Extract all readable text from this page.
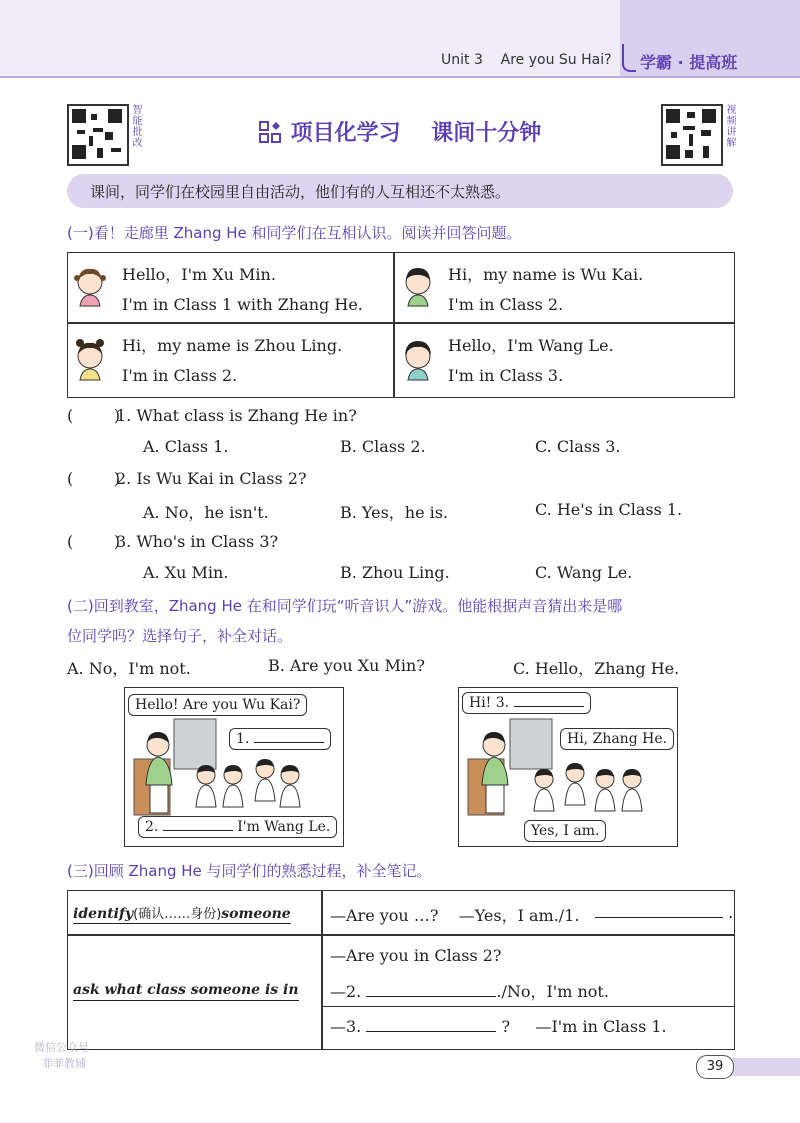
Unit 3    Are you Su Hai? 学霸 · 提高班
智能批改	视频讲解
项目化学习    课间十分钟
课间，同学们在校园里自由活动，他们有的人互相还不太熟悉。
(一)看！走廊里 Zhang He 和同学们在互相认识。阅读并回答问题。
Hello，I'm Xu Min.
I'm in Class 1 with Zhang He.
Hi，my name is Wu Kai.
I'm in Class 2.
Hi，my name is Zhou Ling.
I'm in Class 2.
Hello，I'm Wang Le.
I'm in Class 3.
(        )
1. What class is Zhang He in?
A. Class 1.	B. Class 2.	C. Class 3.
(        )
2. Is Wu Kai in Class 2?
A. No，he isn't.	B. Yes，he is.	C. He's in Class 1.
(        )
3. Who's in Class 3?
A. Xu Min.	B. Zhou Ling.	C. Wang Le.
(二)回到教室，Zhang He 在和同学们玩“听音识人”游戏。他能根据声音猜出来是哪
位同学吗？选择句子，补全对话。
A. No，I'm not.	B. Are you Xu Min?	C. Hello，Zhang He.
Hello! Are you Wu Kai?
1.
2.	I'm Wang Le.
Hi! 3.
Hi, Zhang He.
Yes, I am.
(三)回顾 Zhang He 与同学们的熟悉过程，补全笔记。
identify(确认……身份)someone —Are you …?    —Yes，I am./1.	.
ask what class someone is in
—Are you in Class 2?
—2.	./No，I'm not.
—3.	? —I'm in Class 1.
39
微信公众号
菲菲教辅
